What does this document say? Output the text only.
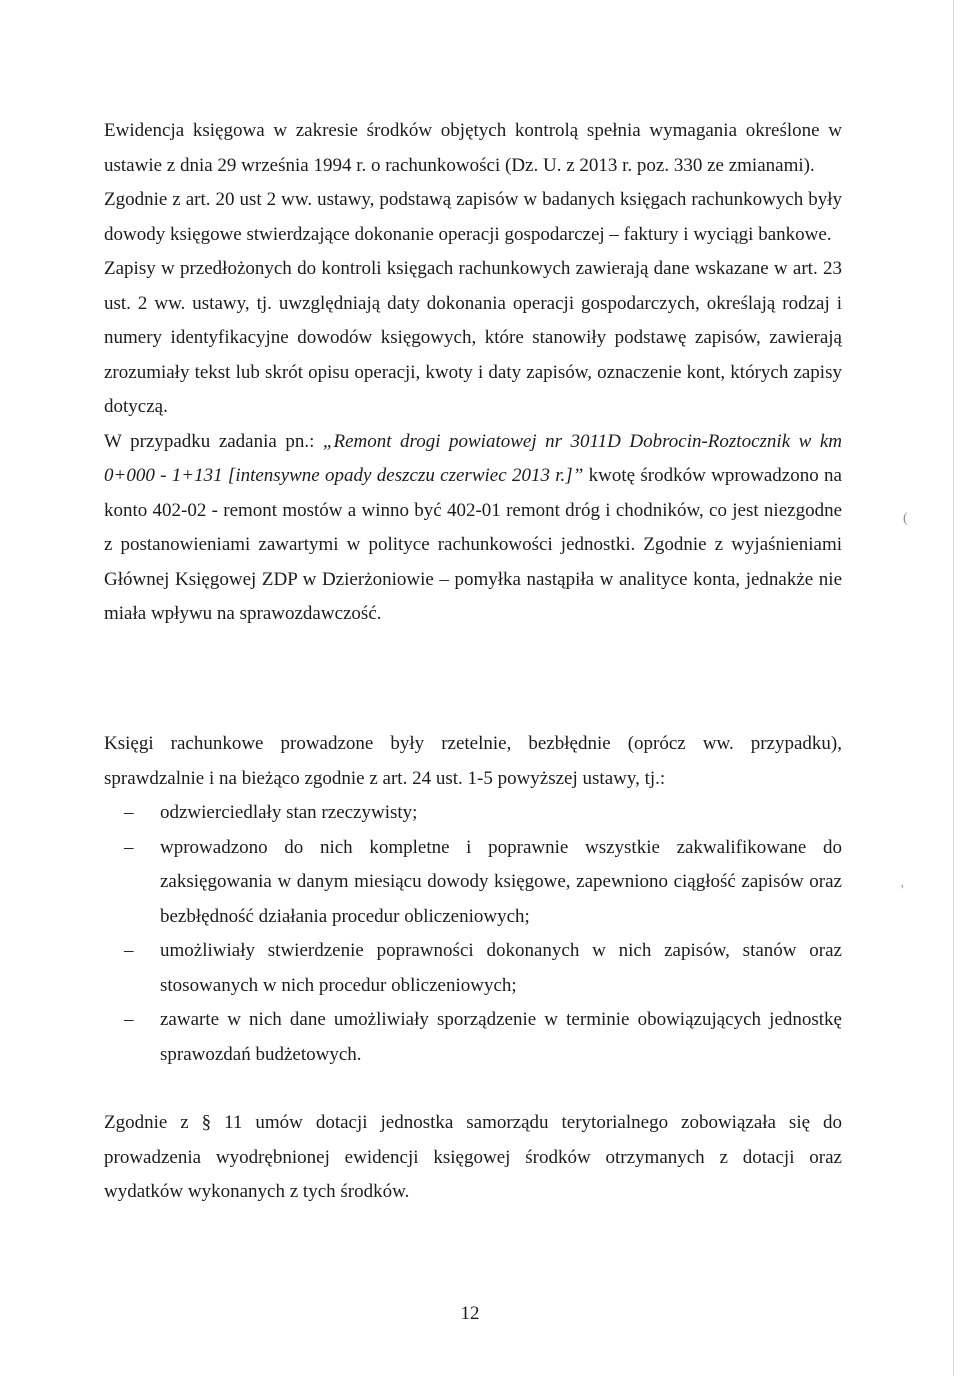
Ewidencja księgowa w zakresie środków objętych kontrolą spełnia wymagania określone w ustawie z dnia 29 września 1994 r. o rachunkowości (Dz. U. z 2013 r. poz. 330 ze zmianami).

Zgodnie z art. 20 ust 2 ww. ustawy, podstawą zapisów w badanych księgach rachunkowych były dowody księgowe stwierdzające dokonanie operacji gospodarczej – faktury i wyciągi bankowe.

Zapisy w przedłożonych do kontroli księgach rachunkowych zawierają dane wskazane w art. 23 ust. 2 ww. ustawy, tj. uwzględniają daty dokonania operacji gospodarczych, określają rodzaj i numery identyfikacyjne dowodów księgowych, które stanowiły podstawę zapisów, zawierają zrozumiały tekst lub skrót opisu operacji, kwoty i daty zapisów, oznaczenie kont, których zapisy dotyczą.

W przypadku zadania pn.: „Remont drogi powiatowej nr 3011D Dobrocin-Roztocznik w km 0+000 - 1+131 [intensywne opady deszczu czerwiec 2013 r.]” kwotę środków wprowadzono na konto 402-02 - remont mostów a winno być 402-01 remont dróg i chodników, co jest niezgodne z postanowieniami zawartymi w polityce rachunkowości jednostki. Zgodnie z wyjaśnieniami Głównej Księgowej ZDP w Dzierżoniowie – pomyłka nastąpiła w analityce konta, jednakże nie miała wpływu na sprawozdawczość.

Księgi rachunkowe prowadzone były rzetelnie, bezbłędnie (oprócz ww. przypadku), sprawdzalnie i na bieżąco zgodnie z art. 24 ust. 1-5 powyższej ustawy, tj.:

– odzwierciedlały stan rzeczywisty;
– wprowadzono do nich kompletne i poprawnie wszystkie zakwalifikowane do zaksięgowania w danym miesiącu dowody księgowe, zapewniono ciągłość zapisów oraz bezbłędność działania procedur obliczeniowych;
– umożliwiały stwierdzenie poprawności dokonanych w nich zapisów, stanów oraz stosowanych w nich procedur obliczeniowych;
– zawarte w nich dane umożliwiały sporządzenie w terminie obowiązujących jednostkę sprawozdań budżetowych.

Zgodnie z § 11 umów dotacji jednostka samorządu terytorialnego zobowiązała się do prowadzenia wyodrębnionej ewidencji księgowej środków otrzymanych z dotacji oraz wydatków wykonanych z tych środków.

12
(
'
